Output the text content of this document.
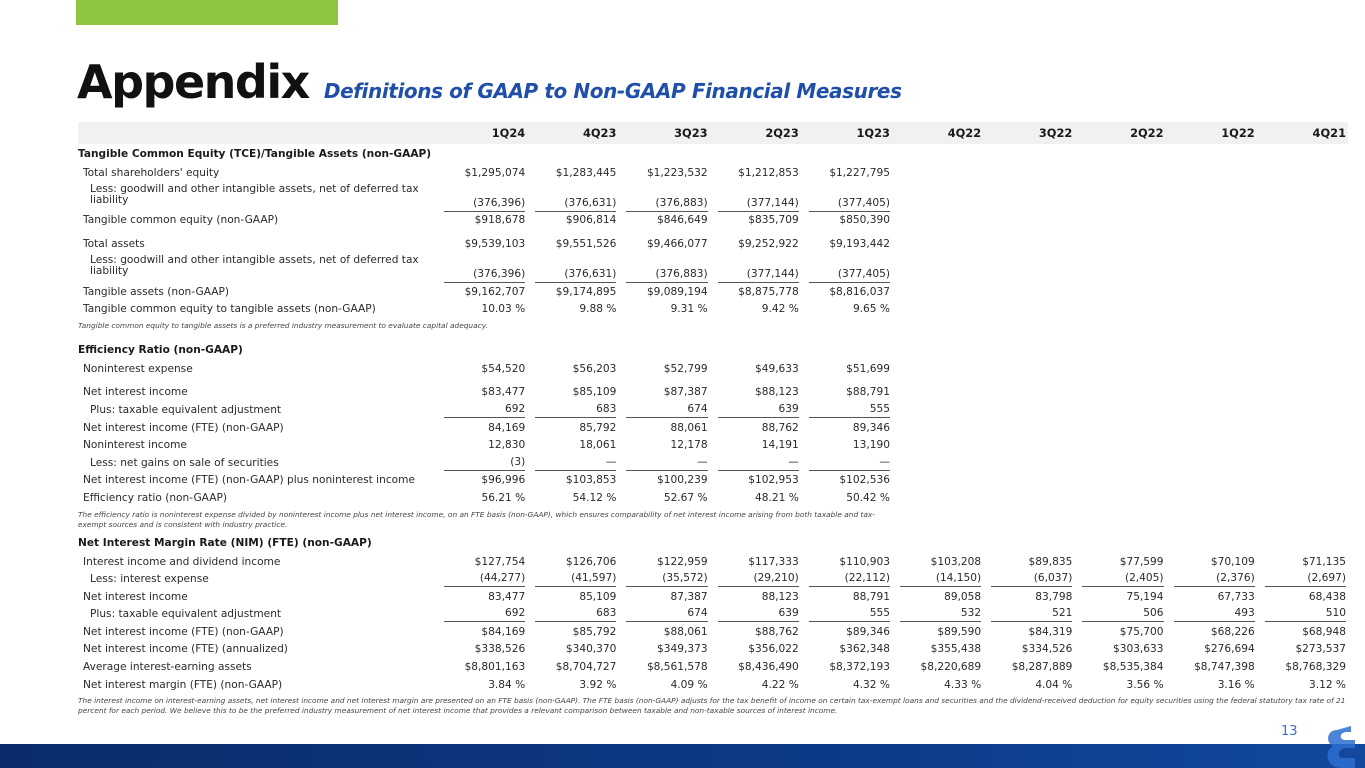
Appendix Definitions of GAAP to Non-GAAP Financial Measures
	1Q24	4Q23	3Q23	2Q23	1Q23	4Q22	3Q22	2Q22	1Q22	4Q21
Tangible Common Equity (TCE)/Tangible Assets (non-GAAP)										
Total shareholders' equity	$1,295,074	$1,283,445	$1,223,532	$1,212,853	$1,227,795					
Less: goodwill and other intangible assets, net of deferred tax liability	(376,396)	(376,631)	(376,883)	(377,144)	(377,405)					

Tangible common equity (non-GAAP)	$918,678	$906,814	$846,649	$835,709	$850,390					

Total assets	$9,539,103	$9,551,526	$9,466,077	$9,252,922	$9,193,442					
Less: goodwill and other intangible assets, net of deferred tax liability	(376,396)	(376,631)	(376,883)	(377,144)	(377,405)					

Tangible assets (non-GAAP)	$9,162,707	$9,174,895	$9,089,194	$8,875,778	$8,816,037					
Tangible common equity to tangible assets (non-GAAP)	10.03 %	9.88 %	9.31 %	9.42 %	9.65 %					
Tangible common equity to tangible assets is a preferred industry measurement to evaluate capital adequacy.										

Efficiency Ratio (non-GAAP)										
Noninterest expense	$54,520	$56,203	$52,799	$49,633	$51,699					

Net interest income	$83,477	$85,109	$87,387	$88,123	$88,791					
Plus: taxable equivalent adjustment	692	683	674	639	555					

Net interest income (FTE) (non-GAAP)	84,169	85,792	88,061	88,762	89,346					
Noninterest income	12,830	18,061	12,178	14,191	13,190					
Less: net gains on sale of securities	(3)	—	—	—	—					

Net interest income (FTE) (non-GAAP) plus noninterest income	$96,996	$103,853	$100,239	$102,953	$102,536					
Efficiency ratio (non-GAAP)	56.21 %	54.12 %	52.67 %	48.21 %	50.42 %					
The efficiency ratio is noninterest expense divided by noninterest income plus net interest income, on an FTE basis (non-GAAP), which ensures comparability of net interest income arising from both taxable and tax-exempt sources and is consistent with industry practice.										
Net Interest Margin Rate (NIM) (FTE) (non-GAAP)										
Interest income and dividend income	$127,754	$126,706	$122,959	$117,333	$110,903	$103,208	$89,835	$77,599	$70,109	$71,135
Less: interest expense	(44,277)	(41,597)	(35,572)	(29,210)	(22,112)	(14,150)	(6,037)	(2,405)	(2,376)	(2,697)

Net interest income	83,477	85,109	87,387	88,123	88,791	89,058	83,798	75,194	67,733	68,438
Plus: taxable equivalent adjustment	692	683	674	639	555	532	521	506	493	510

Net interest income (FTE) (non-GAAP)	$84,169	$85,792	$88,061	$88,762	$89,346	$89,590	$84,319	$75,700	$68,226	$68,948
Net interest income (FTE) (annualized)	$338,526	$340,370	$349,373	$356,022	$362,348	$355,438	$334,526	$303,633	$276,694	$273,537
Average interest-earning assets	$8,801,163	$8,704,727	$8,561,578	$8,436,490	$8,372,193	$8,220,689	$8,287,889	$8,535,384	$8,747,398	$8,768,329
Net interest margin (FTE) (non-GAAP)	3.84 %	3.92 %	4.09 %	4.22 %	4.32 %	4.33 %	4.04 %	3.56 %	3.16 %	3.12 %
The interest income on interest-earning assets, net interest income and net interest margin are presented on an FTE basis (non-GAAP). The FTE basis (non-GAAP) adjusts for the tax benefit of income on certain tax-exempt loans and securities and the dividend-received deduction for equity securities using the federal statutory tax rate of 21 percent for each period. We believe this to be the preferred industry measurement of net interest income that provides a relevant comparison between taxable and non-taxable sources of interest income.										
13
